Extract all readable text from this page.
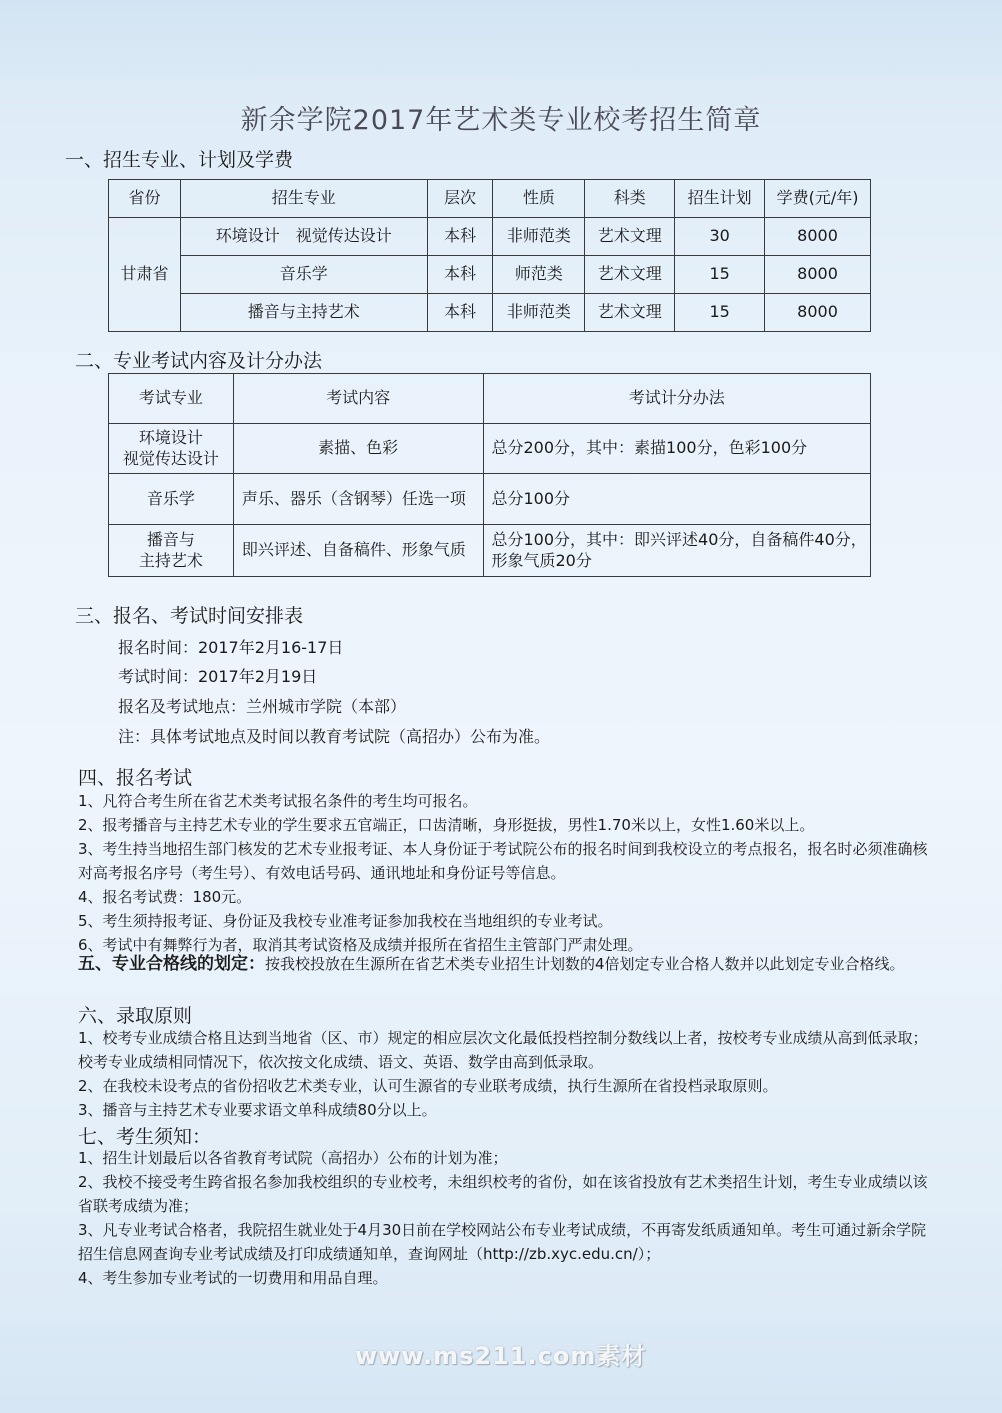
新余学院2017年艺术类专业校考招生简章
一、招生专业、计划及学费
省份	招生专业	层次	性质	科类	招生计划	学费(元/年)
甘肃省	环境设计　视觉传达设计	本科	非师范类	艺术文理	30	8000
	音乐学	本科	师范类	艺术文理	15	8000
	播音与主持艺术	本科	非师范类	艺术文理	15	8000
二、专业考试内容及计分办法
考试专业	考试内容	考试计分办法

环境设计
视觉传达设计	素描、色彩	总分200分，其中：素描100分，色彩100分
音乐学	声乐、器乐（含钢琴）任选一项	总分100分

播音与
主持艺术	即兴评述、自备稿件、形象气质	总分100分，其中：即兴评述40分，自备稿件40分，形象气质20分
三、报名、考试时间安排表
报名时间：2017年2月16-17日
考试时间：2017年2月19日
报名及考试地点：兰州城市学院（本部）
注：具体考试地点及时间以教育考试院（高招办）公布为准。
四、报名考试
1、凡符合考生所在省艺术类考试报名条件的考生均可报名。
2、报考播音与主持艺术专业的学生要求五官端正，口齿清晰，身形挺拔，男性1.70米以上，女性1.60米以上。
3、考生持当地招生部门核发的艺术专业报考证、本人身份证于考试院公布的报名时间到我校设立的考点报名，报名时必须准确核对高考报名序号（考生号）、有效电话号码、通讯地址和身份证号等信息。
4、报名考试费：180元。
5、考生须持报考证、身份证及我校专业准考证参加我校在当地组织的专业考试。
6、考试中有舞弊行为者，取消其考试资格及成绩并报所在省招生主管部门严肃处理。
五、专业合格线的划定：按我校投放在生源所在省艺术类专业招生计划数的4倍划定专业合格人数并以此划定专业合格线。
六、录取原则
1、校考专业成绩合格且达到当地省（区、市）规定的相应层次文化最低投档控制分数线以上者，按校考专业成绩从高到低录取；校考专业成绩相同情况下，依次按文化成绩、语文、英语、数学由高到低录取。
2、在我校未设考点的省份招收艺术类专业，认可生源省的专业联考成绩，执行生源所在省投档录取原则。
3、播音与主持艺术专业要求语文单科成绩80分以上。
七、考生须知：
1、招生计划最后以各省教育考试院（高招办）公布的计划为准；
2、我校不接受考生跨省报名参加我校组织的专业校考，未组织校考的省份，如在该省投放有艺术类招生计划，考生专业成绩以该省联考成绩为准；
3、凡专业考试合格者，我院招生就业处于4月30日前在学校网站公布专业考试成绩，不再寄发纸质通知单。考生可通过新余学院招生信息网查询专业考试成绩及打印成绩通知单，查询网址（http://zb.xyc.edu.cn/）；
4、考生参加专业考试的一切费用和用品自理。
www.ms211.com素材
